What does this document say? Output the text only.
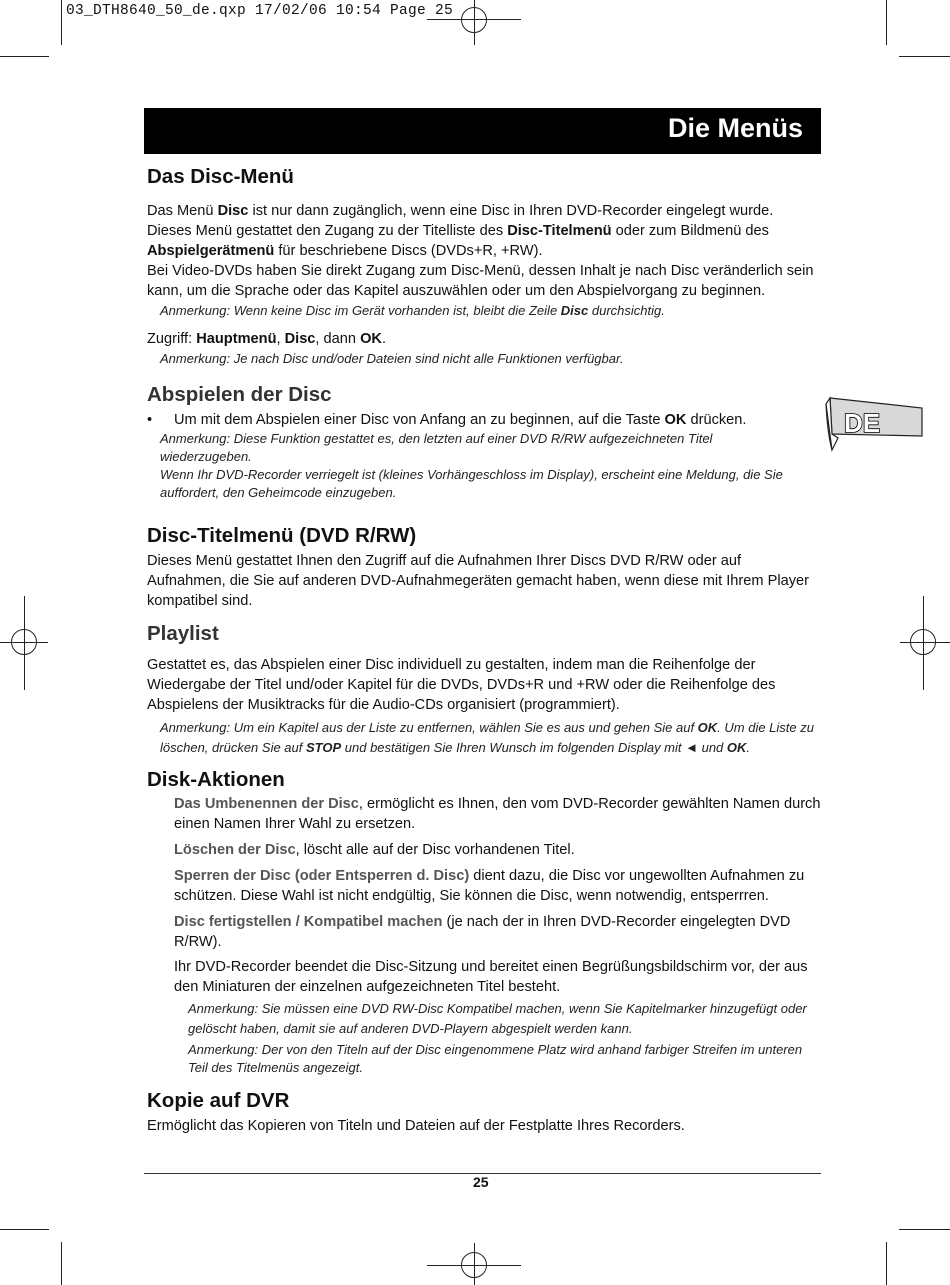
03_DTH8640_50_de.qxp 17/02/06 10:54 Page 25
Die Menüs
DE
Das Disc-Menü

Das Menü Disc ist nur dann zugänglich, wenn eine Disc in Ihren DVD-Recorder eingelegt wurde.

Dieses Menü gestattet den Zugang zu der Titelliste des Disc-Titelmenü oder zum Bildmenü des

Abspielgerätmenü für beschriebene Discs (DVDs+R, +RW).

Bei Video-DVDs haben Sie direkt Zugang zum Disc-Menü, dessen Inhalt je nach Disc veränderlich sein kann, um die Sprache oder das Kapitel auszuwählen oder um den Abspielvorgang zu beginnen.

Anmerkung: Wenn keine Disc im Gerät vorhanden ist, bleibt die Zeile Disc durchsichtig.

Zugriff: Hauptmenü, Disc, dann OK.

Anmerkung: Je nach Disc und/oder Dateien sind nicht alle Funktionen verfügbar.
Abspielen der Disc
• Um mit dem Abspielen einer Disc von Anfang an zu beginnen, auf die Taste OK drücken.
Anmerkung: Diese Funktion gestattet es, den letzten auf einer DVD R/RW aufgezeichneten Titel wiederzugeben.
Wenn Ihr DVD-Recorder verriegelt ist (kleines Vorhängeschloss im Display), erscheint eine Meldung, die Sie auffordert, den Geheimcode einzugeben.
Disc-Titelmenü (DVD R/RW)

Dieses Menü gestattet Ihnen den Zugriff auf die Aufnahmen Ihrer Discs DVD R/RW oder auf Aufnahmen, die Sie auf anderen DVD-Aufnahmegeräten gemacht haben, wenn diese mit Ihrem Player kompatibel sind.

Playlist

Gestattet es, das Abspielen einer Disc individuell zu gestalten, indem man die Reihenfolge der Wiedergabe der Titel und/oder Kapitel für die DVDs, DVDs+R und +RW oder die Reihenfolge des Abspielens der Musiktracks für die Audio-CDs organisiert (programmiert).

Anmerkung: Um ein Kapitel aus der Liste zu entfernen, wählen Sie es aus und gehen Sie auf OK. Um die Liste zu löschen, drücken Sie auf STOP und bestätigen Sie Ihren Wunsch im folgenden Display mit ◄ und OK.
Disk-Aktionen

Das Umbenennen der Disc, ermöglicht es Ihnen, den vom DVD-Recorder gewählten Namen durch einen Namen Ihrer Wahl zu ersetzen.

Löschen der Disc, löscht alle auf der Disc vorhandenen Titel.

Sperren der Disc (oder Entsperren d. Disc) dient dazu, die Disc vor ungewollten Aufnahmen zu schützen. Diese Wahl ist nicht endgültig, Sie können die Disc, wenn notwendig, entsperrren.

Disc fertigstellen / Kompatibel machen (je nach der in Ihren DVD-Recorder eingelegten DVD R/RW).

Ihr DVD-Recorder beendet die Disc-Sitzung und bereitet einen Begrüßungsbildschirm vor, der aus den Miniaturen der einzelnen aufgezeichneten Titel besteht.

Anmerkung: Sie müssen eine DVD RW-Disc Kompatibel machen, wenn Sie Kapitelmarker hinzugefügt oder gelöscht haben, damit sie auf anderen DVD-Playern abgespielt werden kann.
Anmerkung: Der von den Titeln auf der Disc eingenommene Platz wird anhand farbiger Streifen im unteren Teil des Titelmenüs angezeigt.
Kopie auf DVR

Ermöglicht das Kopieren von Titeln und Dateien auf der Festplatte Ihres Recorders.

25
